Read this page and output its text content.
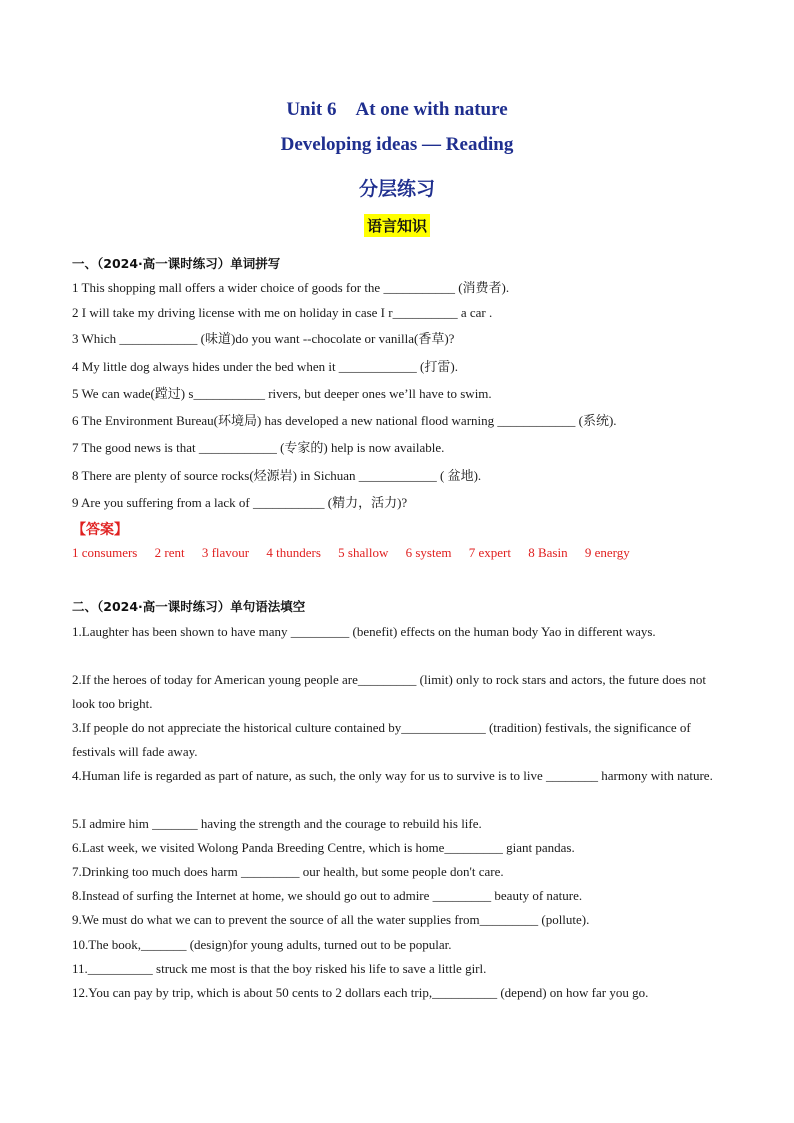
Unit 6　At one with nature
Developing ideas — Reading
分层练习
语言知识
一、（2024·高一课时练习）单词拼写
1 This shopping mall offers a wider choice of goods for the ___________ (消费者).
2 I will take my driving license with me on holiday in case I r__________ a car .
3 Which ____________ (味道)do you want --chocolate or vanilla(香草)?
4 My little dog always hides under the bed when it ____________ (打雷).
5 We can wade(蹚过) s___________ rivers, but deeper ones we’ll have to swim.
6 The Environment Bureau(环境局) has developed a new national flood warning ____________ (系统).
7 The good news is that ____________ (专家的) help is now available.
8 There are plenty of source rocks(烃源岩) in Sichuan ____________ ( 盆地).
9 Are you suffering from a lack of ___________ (精力，活力)?
【答案】
1 consumers 2 rent 3 flavour 4 thunders 5 shallow 6 system 7 expert 8 Basin 9 energy
二、（2024·高一课时练习）单句语法填空
1.Laughter has been shown to have many _________ (benefit) effects on the human body Yao in different ways.
2.If the heroes of today for American young people are_________ (limit) only to rock stars and actors, the future does not look too bright.
3.If people do not appreciate the historical culture contained by_____________ (tradition) festivals, the significance of festivals will fade away.
4.Human life is regarded as part of nature, as such, the only way for us to survive is to live ________ harmony with nature.
5.I admire him _______ having the strength and the courage to rebuild his life.
6.Last week, we visited Wolong Panda Breeding Centre, which is home_________ giant pandas.
7.Drinking too much does harm _________ our health, but some people don't care.
8.Instead of surfing the Internet at home, we should go out to admire _________ beauty of nature.
9.We must do what we can to prevent the source of all the water supplies from_________ (pollute).
10.The book,_______ (design)for young adults, turned out to be popular.
11.__________ struck me most is that the boy risked his life to save a little girl.
12.You can pay by trip, which is about 50 cents to 2 dollars each trip,__________ (depend) on how far you go.
